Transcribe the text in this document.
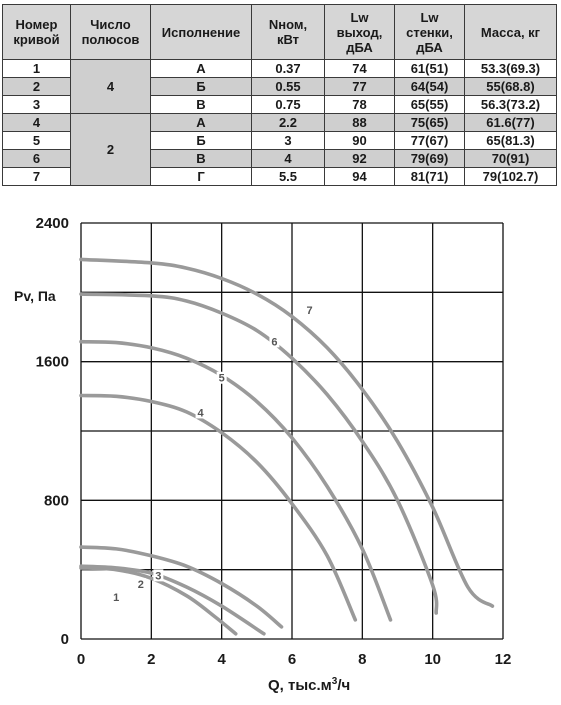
Номер
кривой	Число
полюсов	Исполнение	Nном,
кВт	Lw
выход,
дБА	Lw
стенки,
дБА	Масса, кг
1	4	А	0.37	74	61(51)	53.3(69.3)
2		Б	0.55	77	64(54)	55(68.8)
3		В	0.75	78	65(55)	56.3(73.2)
4	2	А	2.2	88	75(65)	61.6(77)
5		Б	3	90	77(67)	65(81.3)
6		В	4	92	79(69)	70(91)
7		Г	5.5	94	81(71)	79(102.7)
1
2
3
4
5
6
7
0	2	4	6	8	10	12
0
800
1600
2400
Pv, Па
Q, $тыс.м^3/ч$
